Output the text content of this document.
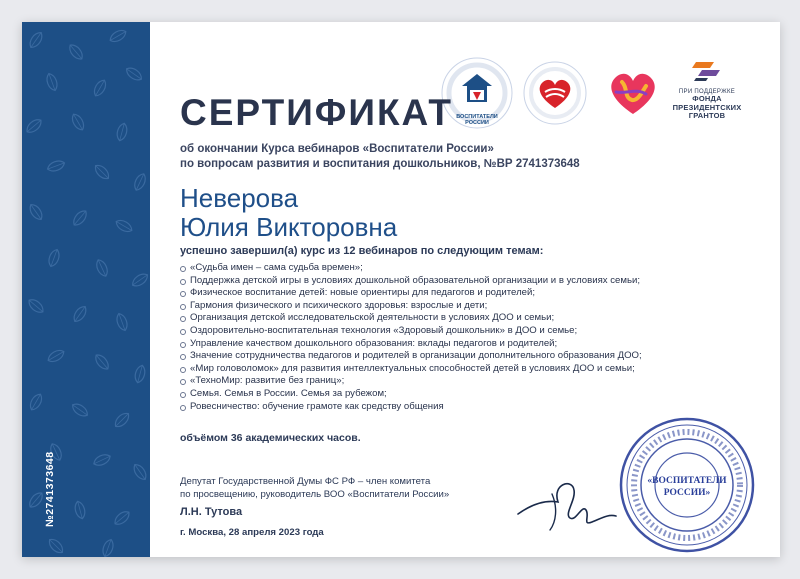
№2741373648
ВОСПИТАТЕЛИ
РОССИИ
ПРИ ПОДДЕРЖКЕ
ФОНДА
ПРЕЗИДЕНТСКИХ
ГРАНТОВ
СЕРТИФИКАТ
об окончании Курса вебинаров «Воспитатели России»
по вопросам развития и воспитания дошкольников, №ВР 2741373648
Неверова
Юлия Викторовна
успешно завершил(а) курс из 12 вебинаров по следующим темам:
«Судьба имен – сама судьба времен»;
Поддержка детской игры в условиях дошкольной образовательной организации и в условиях семьи;
Физическое воспитание детей: новые ориентиры для педагогов и родителей;
Гармония физического и психического здоровья: взрослые и дети;
Организация детской исследовательской деятельности в условиях ДОО и семьи;
Оздоровительно-воспитательная технология «Здоровый дошкольник» в ДОО и семье;
Управление качеством дошкольного образования: вклады педагогов и родителей;
Значение сотрудничества педагогов и родителей в организации дополнительного образования ДОО;
«Мир головоломок» для развития интеллектуальных способностей детей в условиях ДОО и семьи;
«ТехноМир: развитие без границ»;
Семья. Семья в России. Семья за рубежом;
Ровесничество: обучение грамоте как средству общения
объёмом 36 академических часов.
Депутат Государственной Думы ФС РФ – член комитета
по просвещению, руководитель ВОО «Воспитатели России»
Л.Н. Тутова
г. Москва, 28 апреля 2023 года
«ВОСПИТАТЕЛИ
РОССИИ»
